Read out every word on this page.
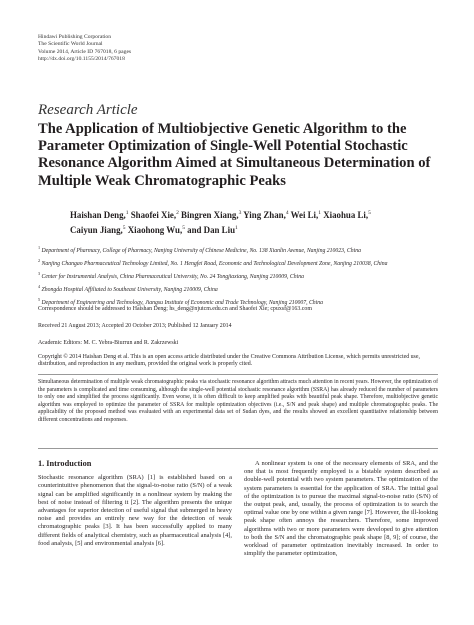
Hindawi Publishing Corporation
The Scientific World Journal
Volume 2014, Article ID 767018, 6 pages
http://dx.doi.org/10.1155/2014/767018
Research Article
The Application of Multiobjective Genetic Algorithm to the Parameter Optimization of Single-Well Potential Stochastic Resonance Algorithm Aimed at Simultaneous Determination of Multiple Weak Chromatographic Peaks
Haishan Deng,$^1$ Shaofei Xie,$^2$ Bingren Xiang,$^3$ Ying Zhan,$^4$ Wei Li,$^1$ Xiaohua Li,$^5$ Caiyun Jiang,$^5$ Xiaohong Wu,$^5$ and Dan Liu$^1$
$^1$ Department of Pharmacy, College of Pharmacy, Nanjing University of Chinese Medicine, No. 138 Xianlin Avenue, Nanjing 210023, China
$^2$ Nanjing Changao Pharmaceutical Technology Limited, No. 1 Hengfei Road, Economic and Technological Development Zone, Nanjing 210038, China
$^3$ Center for Instrumental Analysis, China Pharmaceutical University, No. 24 Tongjiaxiang, Nanjing 210009, China
$^4$ Zhongda Hospital Affiliated to Southeast University, Nanjing 210009, China
$^5$ Department of Engineering and Technology, Jiangsu Institute of Economic and Trade Technology, Nanjing 210007, China
Correspondence should be addressed to Haishan Deng; hs_deng@njutcm.edu.cn and Shaofei Xie; cpuxsf@163.com
Received 21 August 2013; Accepted 20 October 2013; Published 12 January 2014
Academic Editors: M. C. Yebra-Biurrun and R. Zakrzewski
Copyright © 2014 Haishan Deng et al. This is an open access article distributed under the Creative Commons Attribution License, which permits unrestricted use, distribution, and reproduction in any medium, provided the original work is properly cited.
Simultaneous determination of multiple weak chromatographic peaks via stochastic resonance algorithm attracts much attention in recent years. However, the optimization of the parameters is complicated and time consuming, although the single-well potential stochastic resonance algorithm (SSRA) has already reduced the number of parameters to only one and simplified the process significantly. Even worse, it is often difficult to keep amplified peaks with beautiful peak shape. Therefore, multiobjective genetic algorithm was employed to optimize the parameter of SSRA for multiple optimization objectives (i.e., S/N and peak shape) and multiple chromatographic peaks. The applicability of the proposed method was evaluated with an experimental data set of Sudan dyes, and the results showed an excellent quantitative relationship between different concentrations and responses.
1. Introduction

Stochastic resonance algorithm (SRA) [1] is established based on a counterintuitive phenomenon that the signal-to-noise ratio (S/N) of a weak signal can be amplified significantly in a nonlinear system by making the best of noise instead of filtering it [2]. The algorithm presents the unique advantages for superior detection of useful signal that submerged in heavy noise and provides an entirely new way for the detection of weak chromatographic peaks [3]. It has been successfully applied to many different fields of analytical chemistry, such as pharmaceutical analysis [4], food analysis, [5] and environmental analysis [6].

A nonlinear system is one of the necessary elements of SRA, and the one that is most frequently employed is a bistable system described as double-well potential with two system parameters. The optimization of the system parameters is essential for the application of SRA. The initial goal of the optimization is to pursue the maximal signal-to-noise ratio (S/N) of the output peak, and, usually, the process of optimization is to search the optimal value one by one within a given range [7]. However, the ill-looking peak shape often annoys the researchers. Therefore, some improved algorithms with two or more parameters were developed to give attention to both the S/N and the chromatographic peak shape [8, 9]; of course, the workload of parameter optimization inevitably increased. In order to simplify the parameter optimization,
